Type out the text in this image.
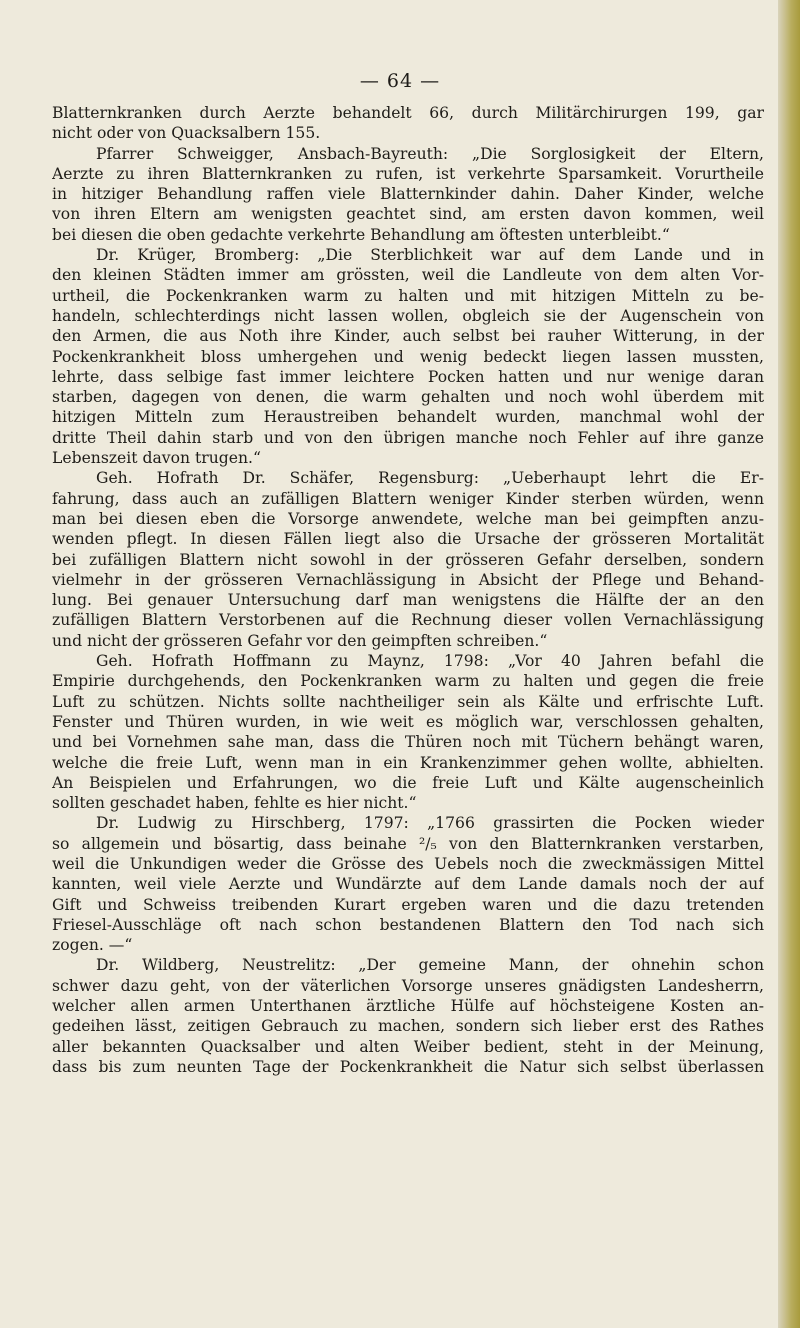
— 64 —
Blatternkranken durch Aerzte behandelt 66, durch Militärchirurgen 199, gar
nicht oder von Quacksalbern 155.
Pfarrer Schweigger, Ansbach-Bayreuth: „Die Sorglosigkeit der Eltern,
Aerzte zu ihren Blatternkranken zu rufen, ist verkehrte Sparsamkeit. Vorurtheile
in hitziger Behandlung raffen viele Blatternkinder dahin. Daher Kinder, welche
von ihren Eltern am wenigsten geachtet sind, am ersten davon kommen, weil
bei diesen die oben gedachte verkehrte Behandlung am öftesten unterbleibt.“
Dr. Krüger, Bromberg: „Die Sterblichkeit war auf dem Lande und in
den kleinen Städten immer am grössten, weil die Landleute von dem alten Vor-
urtheil, die Pockenkranken warm zu halten und mit hitzigen Mitteln zu be-
handeln, schlechterdings nicht lassen wollen, obgleich sie der Augenschein von
den Armen, die aus Noth ihre Kinder, auch selbst bei rauher Witterung, in der
Pockenkrankheit bloss umhergehen und wenig bedeckt liegen lassen mussten,
lehrte, dass selbige fast immer leichtere Pocken hatten und nur wenige daran
starben, dagegen von denen, die warm gehalten und noch wohl überdem mit
hitzigen Mitteln zum Heraustreiben behandelt wurden, manchmal wohl der
dritte Theil dahin starb und von den übrigen manche noch Fehler auf ihre ganze
Lebenszeit davon trugen.“
Geh. Hofrath Dr. Schäfer, Regensburg: „Ueberhaupt lehrt die Er-
fahrung, dass auch an zufälligen Blattern weniger Kinder sterben würden, wenn
man bei diesen eben die Vorsorge anwendete, welche man bei geimpften anzu-
wenden pflegt. In diesen Fällen liegt also die Ursache der grösseren Mortalität
bei zufälligen Blattern nicht sowohl in der grösseren Gefahr derselben, sondern
vielmehr in der grösseren Vernachlässigung in Absicht der Pflege und Behand-
lung. Bei genauer Untersuchung darf man wenigstens die Hälfte der an den
zufälligen Blattern Verstorbenen auf die Rechnung dieser vollen Vernachlässigung
und nicht der grösseren Gefahr vor den geimpften schreiben.“
Geh. Hofrath Hoffmann zu Maynz, 1798: „Vor 40 Jahren befahl die
Empirie durchgehends, den Pockenkranken warm zu halten und gegen die freie
Luft zu schützen. Nichts sollte nachtheiliger sein als Kälte und erfrischte Luft.
Fenster und Thüren wurden, in wie weit es möglich war, verschlossen gehalten,
und bei Vornehmen sahe man, dass die Thüren noch mit Tüchern behängt waren,
welche die freie Luft, wenn man in ein Krankenzimmer gehen wollte, abhielten.
An Beispielen und Erfahrungen, wo die freie Luft und Kälte augenscheinlich
sollten geschadet haben, fehlte es hier nicht.“
Dr. Ludwig zu Hirschberg, 1797: „1766 grassirten die Pocken wieder
so allgemein und bösartig, dass beinahe ²/₅ von den Blatternkranken verstarben,
weil die Unkundigen weder die Grösse des Uebels noch die zweckmässigen Mittel
kannten, weil viele Aerzte und Wundärzte auf dem Lande damals noch der auf
Gift und Schweiss treibenden Kurart ergeben waren und die dazu tretenden
Friesel-Ausschläge oft nach schon bestandenen Blattern den Tod nach sich
zogen. —“
Dr. Wildberg, Neustrelitz: „Der gemeine Mann, der ohnehin schon
schwer dazu geht, von der väterlichen Vorsorge unseres gnädigsten Landesherrn,
welcher allen armen Unterthanen ärztliche Hülfe auf höchsteigene Kosten an-
gedeihen lässt, zeitigen Gebrauch zu machen, sondern sich lieber erst des Rathes
aller bekannten Quacksalber und alten Weiber bedient, steht in der Meinung,
dass bis zum neunten Tage der Pockenkrankheit die Natur sich selbst überlassen
